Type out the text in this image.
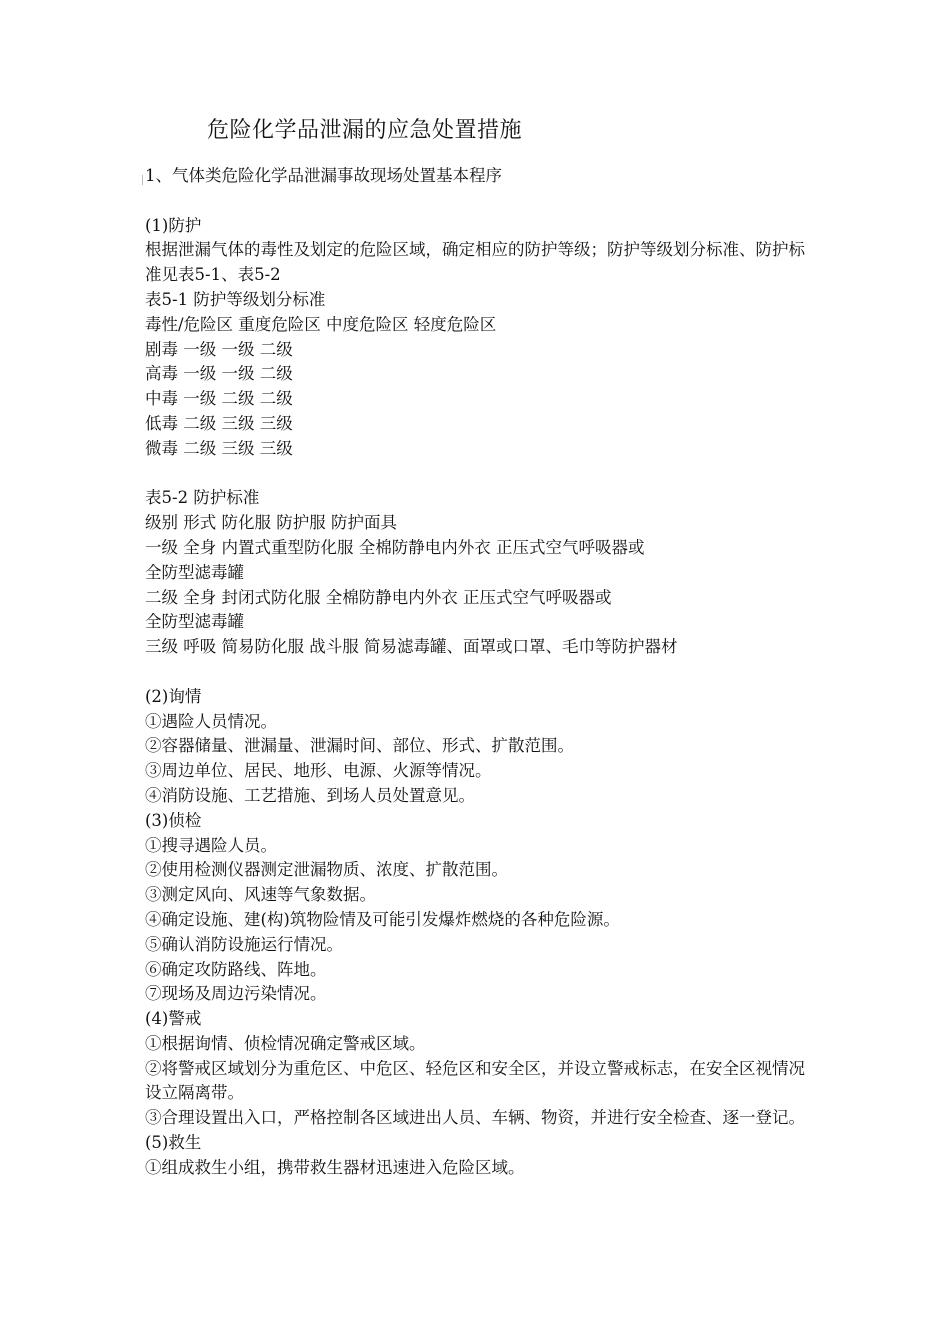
危险化学品泄漏的应急处置措施
1、气体类危险化学品泄漏事故现场处置基本程序
(1)防护
根据泄漏气体的毒性及划定的危险区域，确定相应的防护等级；防护等级划分标准、防护标准见表5-1、表5-2
表5-1 防护等级划分标准
毒性/危险区 重度危险区 中度危险区 轻度危险区
剧毒 一级 一级 二级
高毒 一级 一级 二级
中毒 一级 二级 二级
低毒 二级 三级 三级
微毒 二级 三级 三级
表5-2 防护标准
级别 形式 防化服 防护服 防护面具
一级 全身 内置式重型防化服 全棉防静电内外衣 正压式空气呼吸器或
全防型滤毒罐
二级 全身 封闭式防化服 全棉防静电内外衣 正压式空气呼吸器或
全防型滤毒罐
三级 呼吸 简易防化服 战斗服 简易滤毒罐、面罩或口罩、毛巾等防护器材
(2)询情
①遇险人员情况。
②容器储量、泄漏量、泄漏时间、部位、形式、扩散范围。
③周边单位、居民、地形、电源、火源等情况。
④消防设施、工艺措施、到场人员处置意见。
(3)侦检
①搜寻遇险人员。
②使用检测仪器测定泄漏物质、浓度、扩散范围。
③测定风向、风速等气象数据。
④确定设施、建(构)筑物险情及可能引发爆炸燃烧的各种危险源。
⑤确认消防设施运行情况。
⑥确定攻防路线、阵地。
⑦现场及周边污染情况。
(4)警戒
①根据询情、侦检情况确定警戒区域。
②将警戒区域划分为重危区、中危区、轻危区和安全区，并设立警戒标志，在安全区视情况设立隔离带。
③合理设置出入口，严格控制各区域进出人员、车辆、物资，并进行安全检查、逐一登记。
(5)救生
①组成救生小组，携带救生器材迅速进入危险区域。
